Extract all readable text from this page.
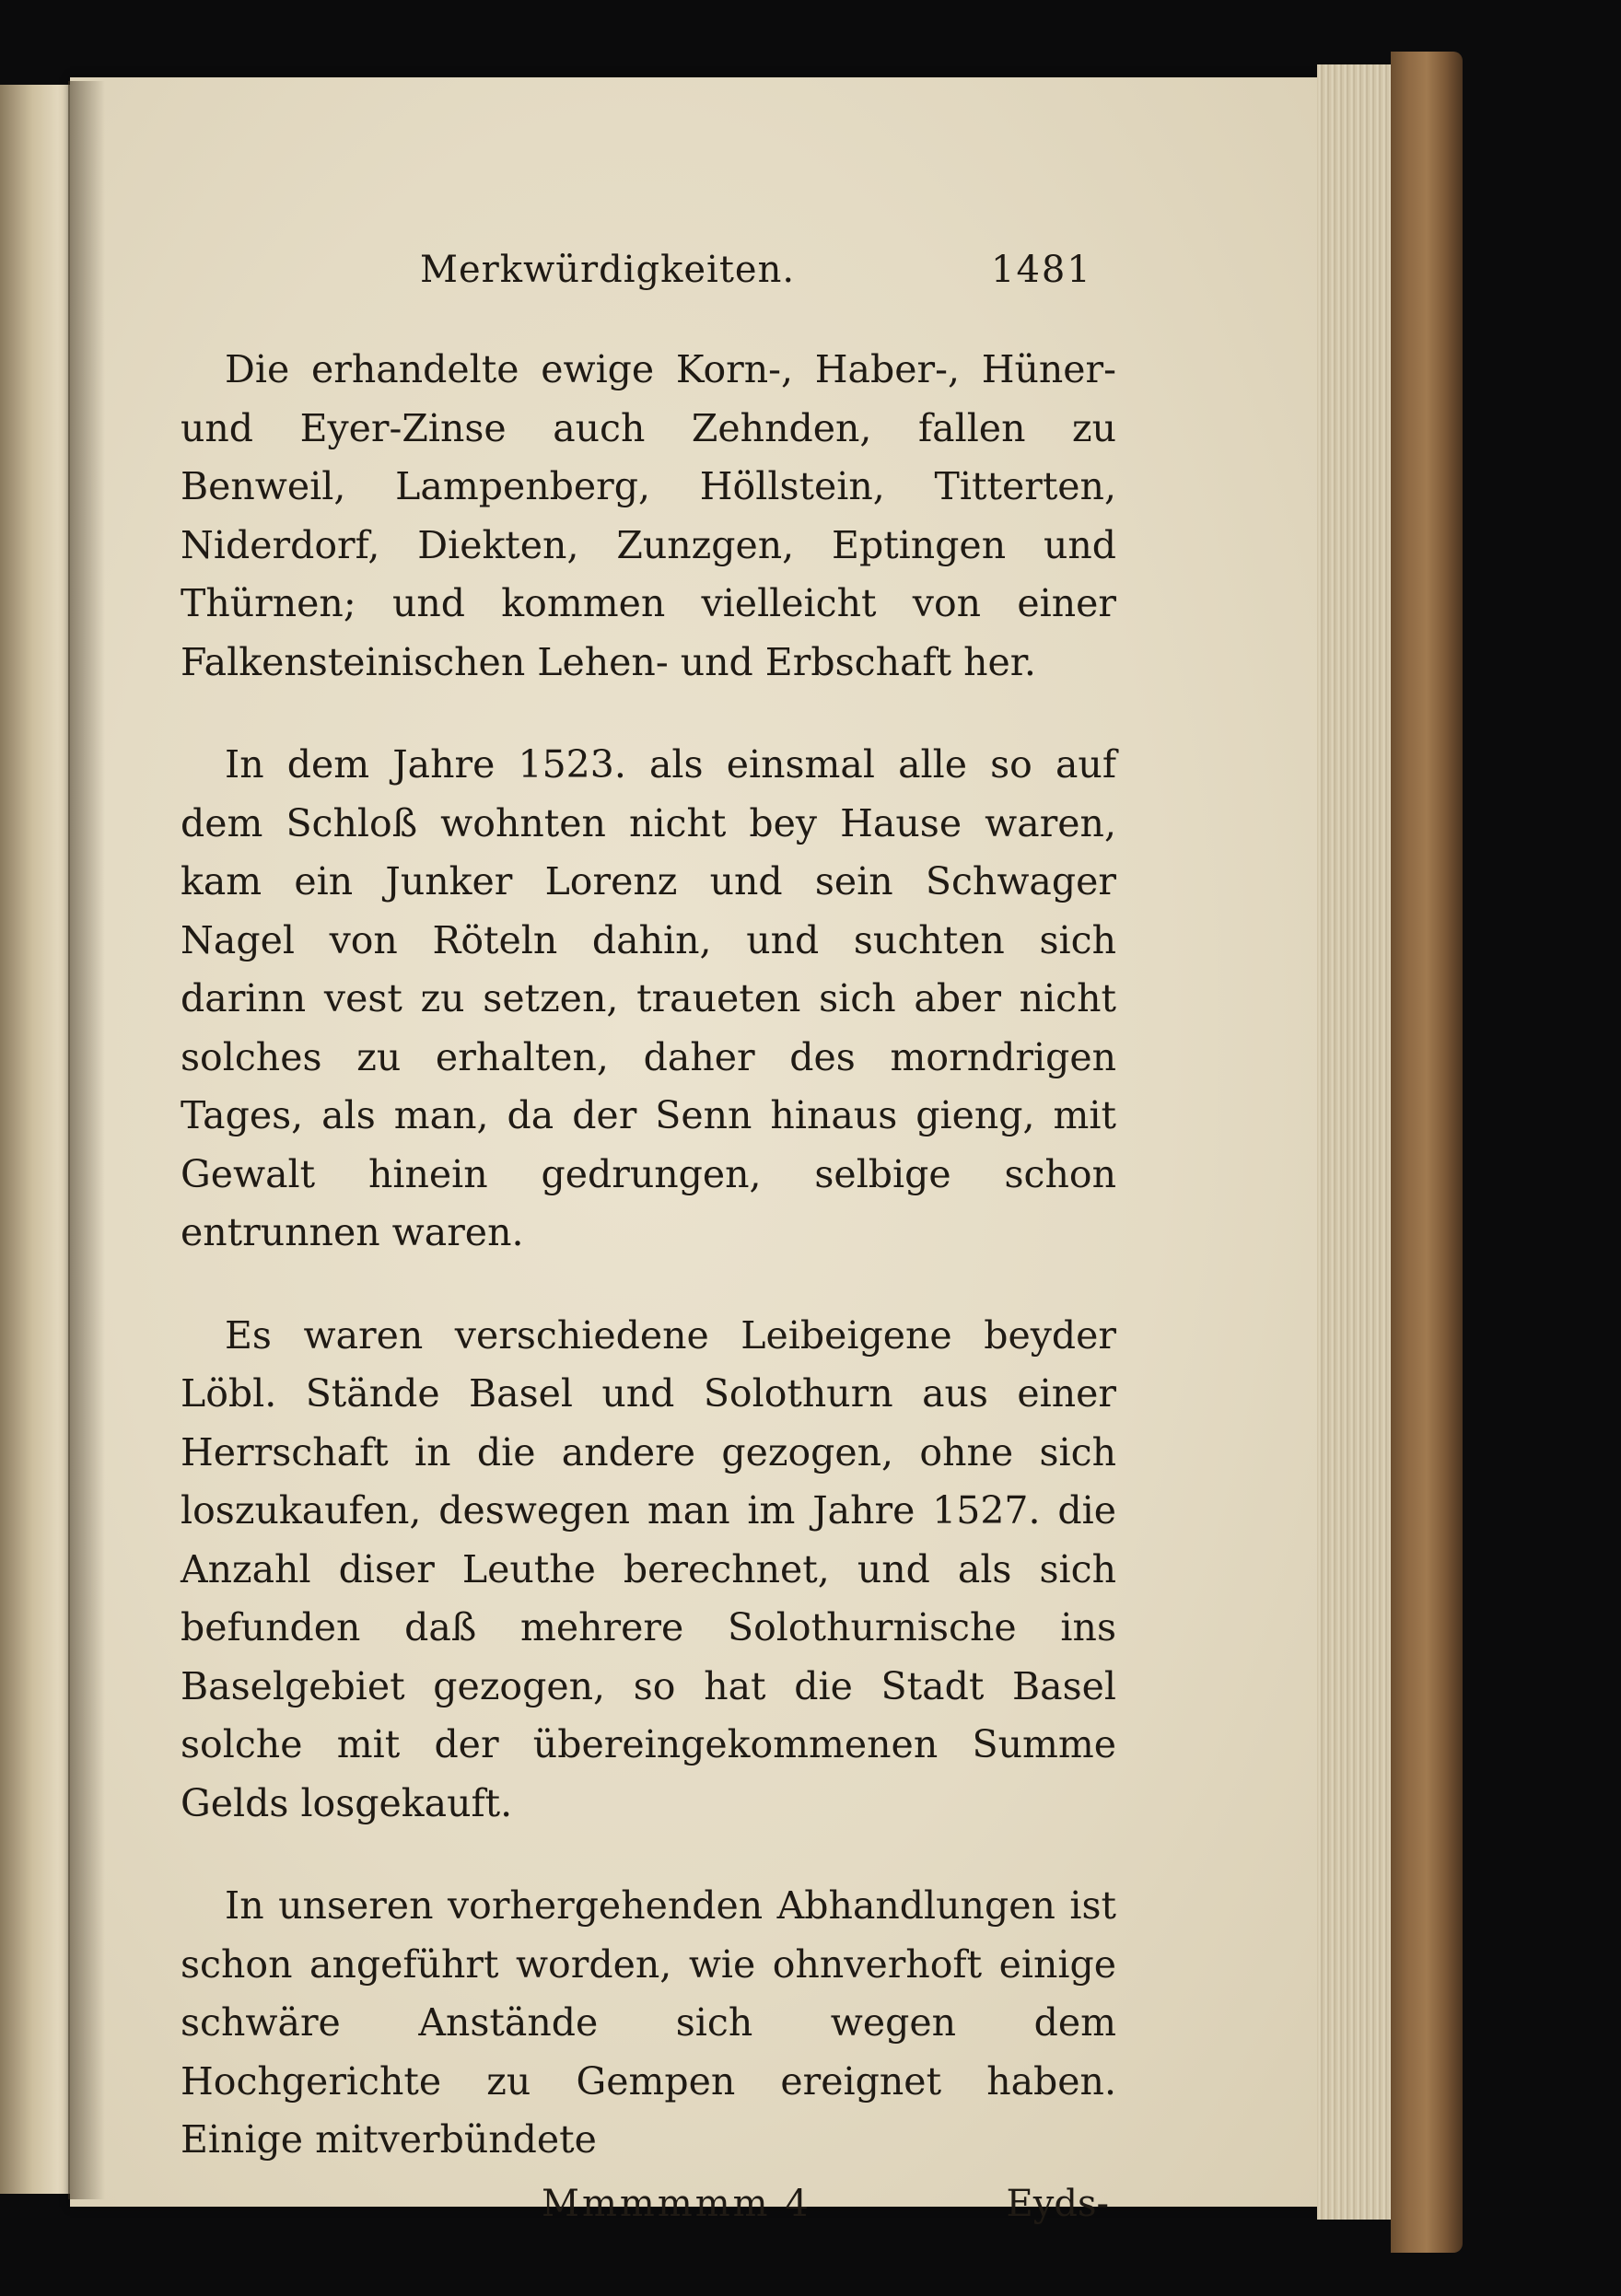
Merkwürdigkeiten.	1481

Die erhandelte ewige Korn-, Haber-, Hüner- und Eyer-Zinse auch Zehnden, fallen zu Benweil, Lampenberg, Höllstein, Titterten, Niderdorf, Diekten, Zunzgen, Eptingen und Thürnen; und kommen vielleicht von einer Falkensteinischen Lehen- und Erbschaft her.

In dem Jahre 1523. als einsmal alle so auf dem Schloß wohnten nicht bey Hause waren, kam ein Junker Lorenz und sein Schwager Nagel von Röteln dahin, und suchten sich darinn vest zu setzen, traueten sich aber nicht solches zu erhalten, daher des morndrigen Tages, als man, da der Senn hinaus gieng, mit Gewalt hinein gedrungen, selbige schon entrunnen waren.

Es waren verschiedene Leibeigene beyder Löbl. Stände Basel und Solothurn aus einer Herrschaft in die andere gezogen, ohne sich loszukaufen, deswegen man im Jahre 1527. die Anzahl diser Leuthe berechnet, und als sich befunden daß mehrere Solothurnische ins Baselgebiet gezogen, so hat die Stadt Basel solche mit der übereingekommenen Summe Gelds losgekauft.

In unseren vorhergehenden Abhandlungen ist schon angeführt worden, wie ohnverhoft einige schwäre Anstände sich wegen dem Hochgerichte zu Gempen ereignet haben. Einige mitverbündete

Mmmmmm 4	Eyds-
